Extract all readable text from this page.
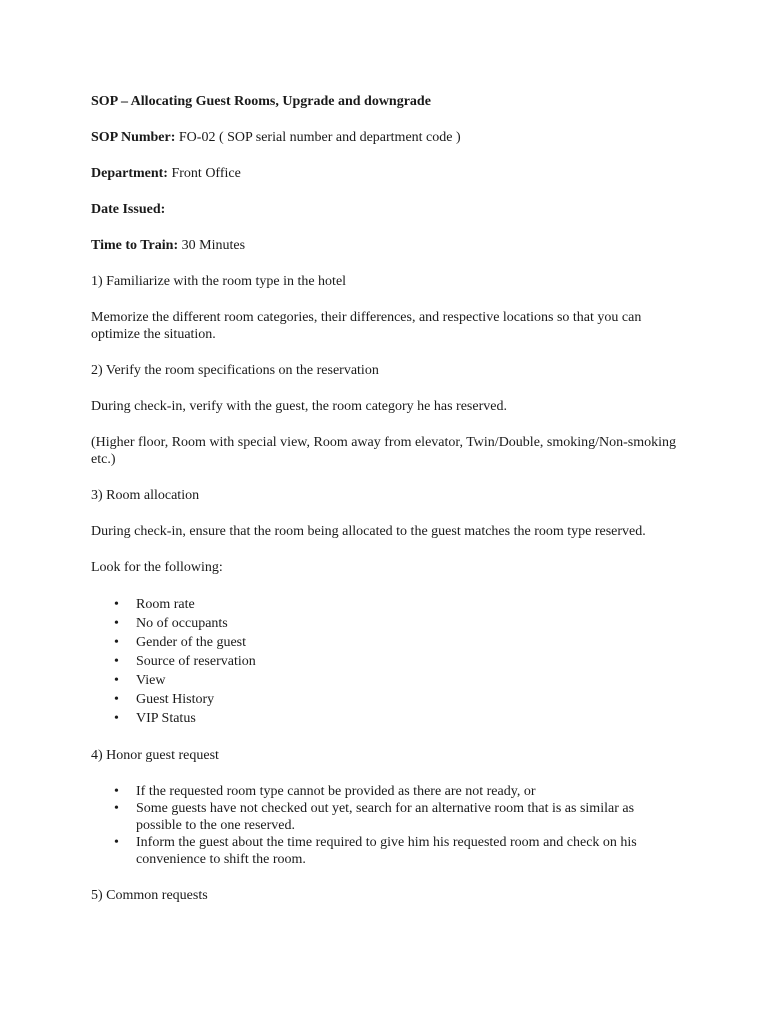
SOP – Allocating Guest Rooms, Upgrade and downgrade

SOP Number: FO-02 ( SOP serial number and department code )

Department: Front Office

Date Issued:

Time to Train: 30 Minutes

1) Familiarize with the room type in the hotel

Memorize the different room categories, their differences, and respective locations so that you can optimize the situation.

2) Verify the room specifications on the reservation

During check-in, verify with the guest, the room category he has reserved.

(Higher floor, Room with special view, Room away from elevator, Twin/Double, smoking/Non-smoking etc.)

3) Room allocation

During check-in, ensure that the room being allocated to the guest matches the room type reserved.

Look for the following:

• Room rate
• No of occupants
• Gender of the guest
• Source of reservation
• View
• Guest History
• VIP Status

4) Honor guest request

• If the requested room type cannot be provided as there are not ready, or
• Some guests have not checked out yet, search for an alternative room that is as similar as possible to the one reserved.
• Inform the guest about the time required to give him his requested room and check on his convenience to shift the room.

5) Common requests
